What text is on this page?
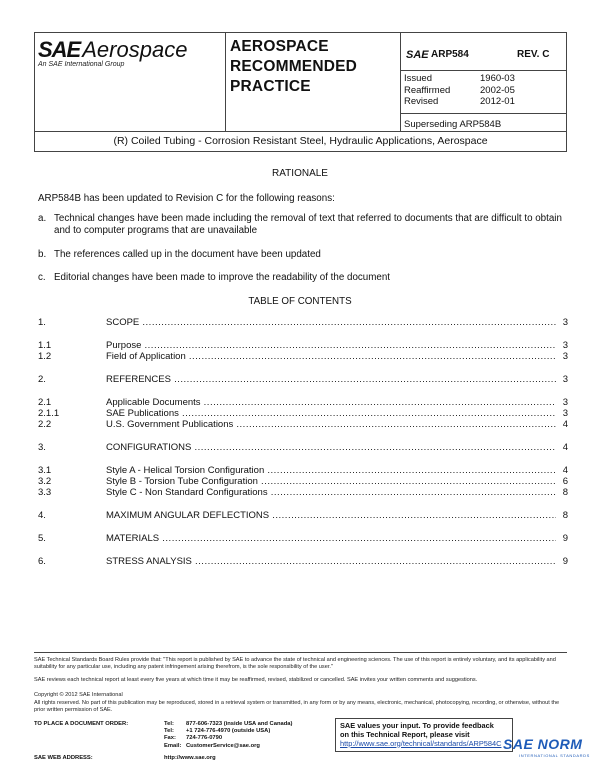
SAEAerospace
An SAE International Group
AEROSPACE
RECOMMENDED
PRACTICE
SAE ARP584	REV. C
Issued	1960-03
Reaffirmed	2002-05
Revised	2012-01
Superseding ARP584B
(R) Coiled Tubing - Corrosion Resistant Steel, Hydraulic Applications, Aerospace
RATIONALE
ARP584B has been updated to Revision C for the following reasons:
a. Technical changes have been made including the removal of text that referred to documents that are difficult to obtain and to computer programs that are unavailable
b. The references called up in the document have been updated
c. Editorial changes have been made to improve the readability of the document
TABLE OF CONTENTS
1.	SCOPE .....	3
1.1	Purpose .....	3
1.2	Field of Application .....	3
2.	REFERENCES .....	3
2.1	Applicable Documents .....	3
2.1.1	SAE Publications .....	3
2.2	U.S. Government Publications .....	4
3.	CONFIGURATIONS .....	4
3.1	Style A - Helical Torsion Configuration .....	4
3.2	Style B - Torsion Tube Configuration .....	6
3.3	Style C - Non Standard Configurations .....	8
4.	MAXIMUM ANGULAR DEFLECTIONS .....	8
5.	MATERIALS .....	9
6.	STRESS ANALYSIS .....	9
SAE Technical Standards Board Rules provide that: "This report is published by SAE to advance the state of technical and engineering sciences. The use of this report is entirely voluntary, and its applicability and suitability for any particular use, including any patent infringement arising therefrom, is the sole responsibility of the user."
SAE reviews each technical report at least every five years at which time it may be reaffirmed, revised, stabilized or cancelled. SAE invites your written comments and suggestions.
Copyright © 2012 SAE International
All rights reserved. No part of this publication may be reproduced, stored in a retrieval system or transmitted, in any form or by any means, electronic, mechanical, photocopying, recording, or otherwise, without the prior written permission of SAE.
TO PLACE A DOCUMENT ORDER:	Tel:	877-606-7323 (inside USA and Canada)
Tel:	+1 724-776-4970 (outside USA)
Fax:	724-776-0790
Email: CustomerService@sae.org
SAE WEB ADDRESS:	http://www.sae.org
SAE values your input. To provide feedback
on this Technical Report, please visit
http://www.sae.org/technical/standards/ARP584C SAE NORM
INTERNATIONAL STANDARDS
